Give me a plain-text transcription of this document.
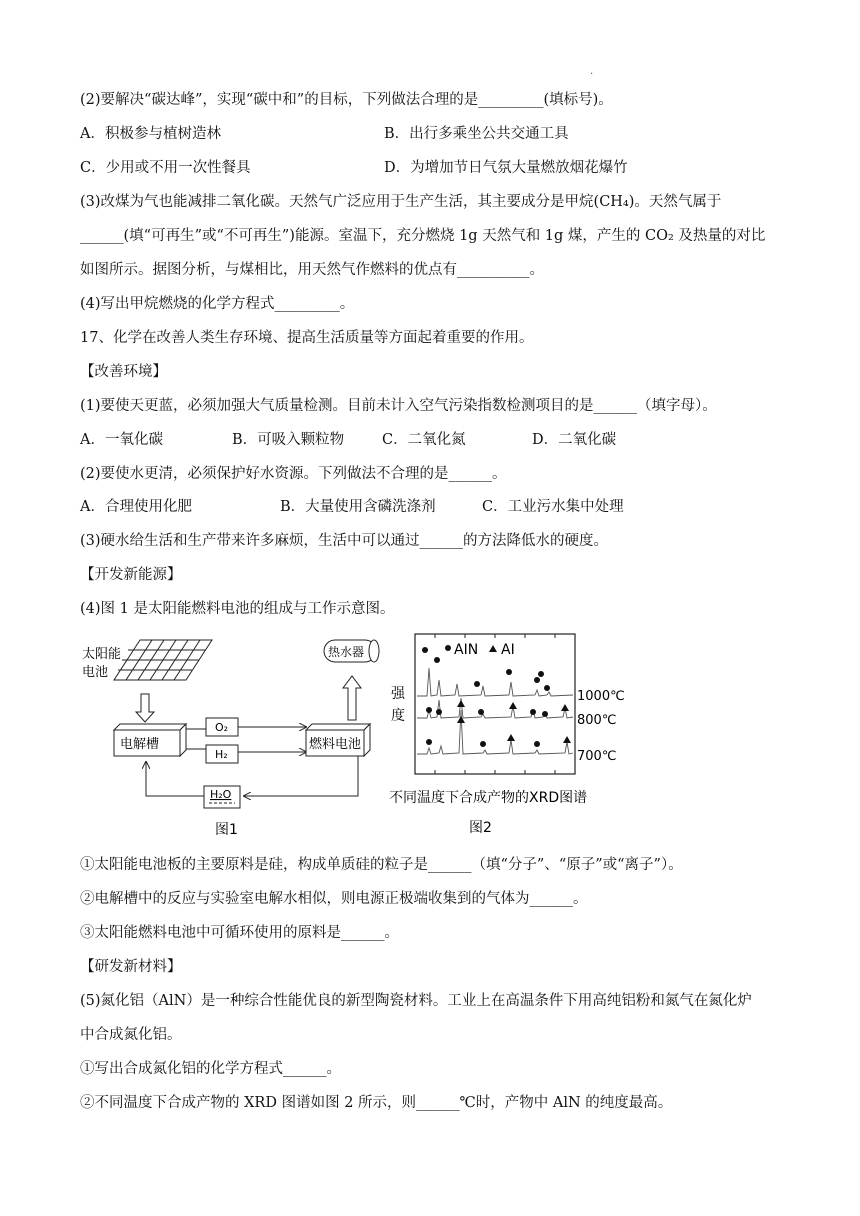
.
(2)要解决“碳达峰”，实现“碳中和”的目标，下列做法合理的是_________(填标号)。
A．积极参与植树造林	B．出行多乘坐公共交通工具
C．少用或不用一次性餐具	D．为增加节日气氛大量燃放烟花爆竹
(3)改煤为气也能减排二氧化碳。天然气广泛应用于生产生活，其主要成分是甲烷(CH₄)。天然气属于
______(填“可再生”或“不可再生”)能源。室温下，充分燃烧 1g 天然气和 1g 煤，产生的 CO₂ 及热量的对比
如图所示。据图分析，与煤相比，用天然气作燃料的优点有__________。
(4)写出甲烷燃烧的化学方程式_________。
17、化学在改善人类生存环境、提高生活质量等方面起着重要的作用。
【改善环境】
(1)要使天更蓝，必须加强大气质量检测。目前未计入空气污染指数检测项目的是______（填字母）。
A．一氧化碳	B．可吸入颗粒物	C．二氧化氮	D．二氧化碳
(2)要使水更清，必须保护好水资源。下列做法不合理的是______。
A．合理使用化肥	B．大量使用含磷洗涤剂	C．工业污水集中处理
(3)硬水给生活和生产带来许多麻烦，生活中可以通过______的方法降低水的硬度。
【开发新能源】
(4)图 1 是太阳能燃料电池的组成与工作示意图。
太阳能
电池
电解槽
O₂
H₂
燃料电池
热水器
H₂O
图1
AIN AI
强
度
1000℃
800℃
700℃
不同温度下合成产物的XRD图谱
图2
①太阳能电池板的主要原料是硅，构成单质硅的粒子是______（填“分子”、“原子”或“离子”）。
②电解槽中的反应与实验室电解水相似，则电源正极端收集到的气体为______。
③太阳能燃料电池中可循环使用的原料是______。
【研发新材料】
(5)氮化铝（AlN）是一种综合性能优良的新型陶瓷材料。工业上在高温条件下用高纯铝粉和氮气在氮化炉
中合成氮化铝。
①写出合成氮化铝的化学方程式______。
②不同温度下合成产物的 XRD 图谱如图 2 所示，则______℃时，产物中 AlN 的纯度最高。
